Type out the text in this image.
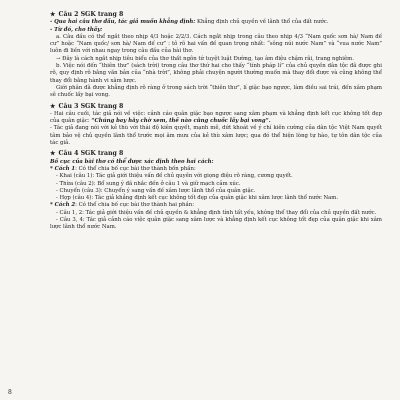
★ Câu 2 SGK trang 8

- Qua hai câu thơ đầu, tác giả muốn khẳng định: Khẳng định chủ quyền về lãnh thổ của đất nước.

- Từ đó, cho thấy:

a. Câu đầu có thể ngắt theo nhịp 4/3 hoặc 2/2/3. Cách ngắt nhịp trong câu theo nhịp 4/3 “Nam quốc sơn hà/ Nam đế cư” hoặc “Nam quốc/ sơn hà/ Nam đế cư” : tô rõ hai vấn đề quan trọng nhất: “sông núi nước Nam” và “vua nước Nam” luôn đi liền với nhau ngay trong câu đầu của bài thơ.

→ Đây là cách ngắt nhịp tiêu biểu của thơ thất ngôn tứ tuyệt luật Đường, tạo âm điệu chậm rãi, trang nghiêm.

b. Việc nói đến “thiên thư” (sách trời) trong câu thơ thứ hai cho thấy “tính pháp lí” của chủ quyền dân tộc đã được ghi rõ, quy định rõ bằng văn bản của “nhà trời”, không phải chuyện người thường muốn mà thay đổi được và cũng không thể thay đổi bằng hành vi xâm lược.

Giới phân đã được khẳng định rõ ràng ở trong sách trời “thiên thư”, lí giặc bạo ngược, làm điều sai trái, đến xâm phạm sẽ chuốc lấy bại vong.

★ Câu 3 SGK trang 8

- Hai câu cuối, tác giả nói về việc: cảnh cáo quân giặc bạo ngược sang xâm phạm và khẳng định kết cục không tốt đẹp của quân giặc: “Chúng bay hãy chờ xem, thế nào cũng chuốc lấy bại vong”.

- Tác giả đang nói với kẻ thù với thái độ kiên quyết, mạnh mẽ, dứt khoát về ý chí kiên cường của dân tộc Việt Nam quyết tâm bảo vệ chủ quyền lãnh thổ trước mọi âm mưu của kẻ thù xâm lược; qua đó thể hiện lòng tự hào, tự tôn dân tộc của tác giả.

★ Câu 4 SGK trang 8

Bố cục của bài thơ có thể được xác định theo hai cách:

* Cách 1: Có thể chia bố cục bài thơ thành bốn phần:

- Khai (câu 1): Tác giả giới thiệu vấn đề chủ quyền với giọng điệu rõ ràng, cương quyết.

- Thừa (câu 2): Bổ sung ý đã nhắc đến ở câu 1 và giữ mạch cảm xúc.

- Chuyển (câu 3): Chuyển ý sang vấn đề xâm lược lãnh thổ của quân giặc.

- Hợp (câu 4): Tác giả khẳng định kết cục không tốt đẹp của quân giặc khi xâm lược lãnh thổ nước Nam.

* Cách 2: Có thể chia bố cục bài thơ thành hai phần:

- Câu 1, 2: Tác giả giới thiệu vấn đề chủ quyền & khẳng định tính tất yếu, không thể thay đổi của chủ quyền đất nước.

- Câu 3, 4: Tác giả cảnh cáo việc quân giặc sang xâm lược và khẳng định kết cục không tốt đẹp của quân giặc khi xâm lược lãnh thổ nước Nam.

8
